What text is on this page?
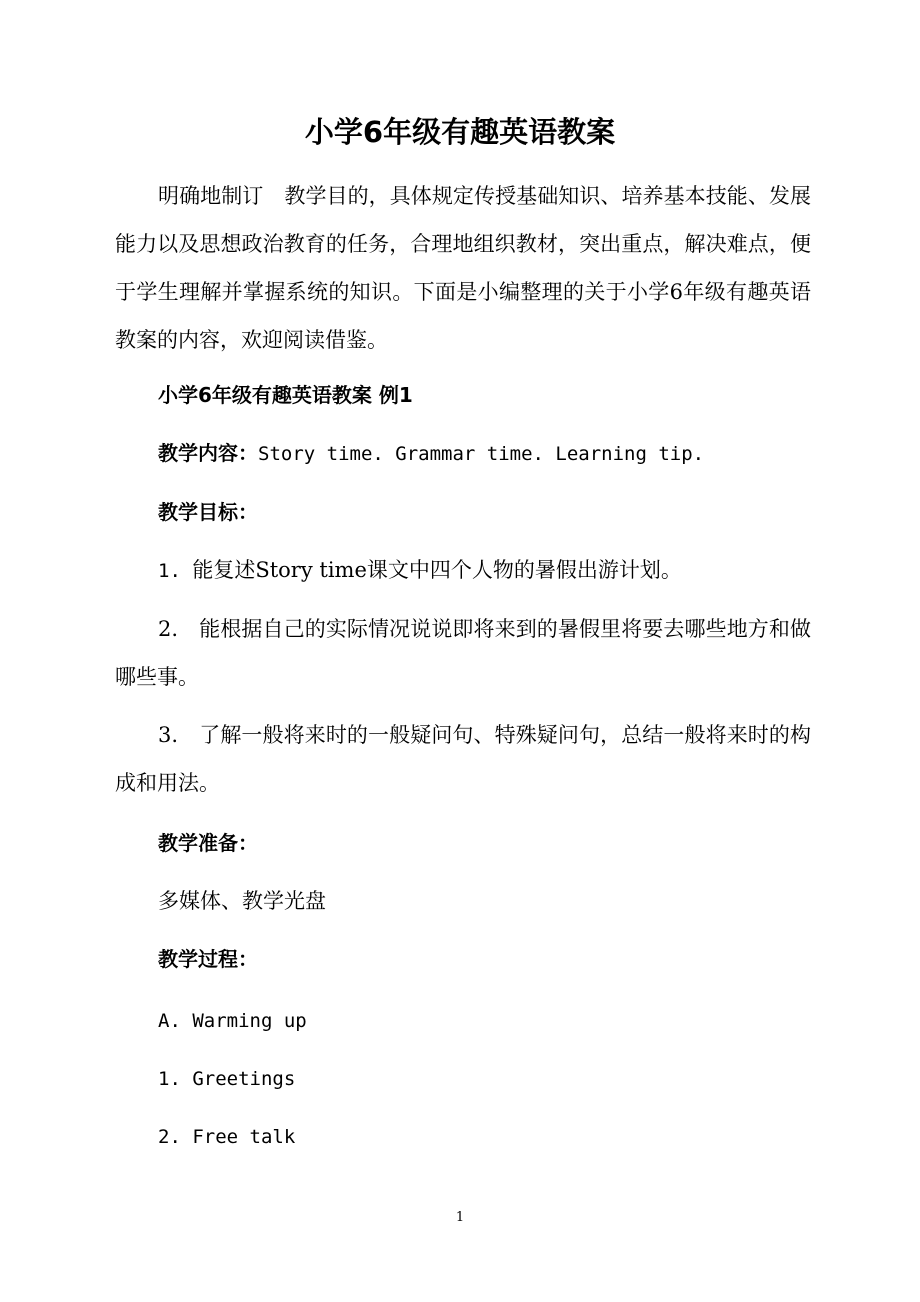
小学6年级有趣英语教案

明确地制订　教学目的，具体规定传授基础知识、培养基本技能、发展能力以及思想政治教育的任务，合理地组织教材，突出重点，解决难点，便于学生理解并掌握系统的知识。下面是小编整理的关于小学6年级有趣英语教案的内容，欢迎阅读借鉴。

小学6年级有趣英语教案 例1

教学内容：Story time. Grammar time. Learning tip.

教学目标：

1. 能复述Story time课文中四个人物的暑假出游计划。

2.　能根据自己的实际情况说说即将来到的暑假里将要去哪些地方和做哪些事。

3.　了解一般将来时的一般疑问句、特殊疑问句，总结一般将来时的构成和用法。

教学准备：

多媒体、教学光盘

教学过程：

A. Warming up

1. Greetings

2. Free talk

1
